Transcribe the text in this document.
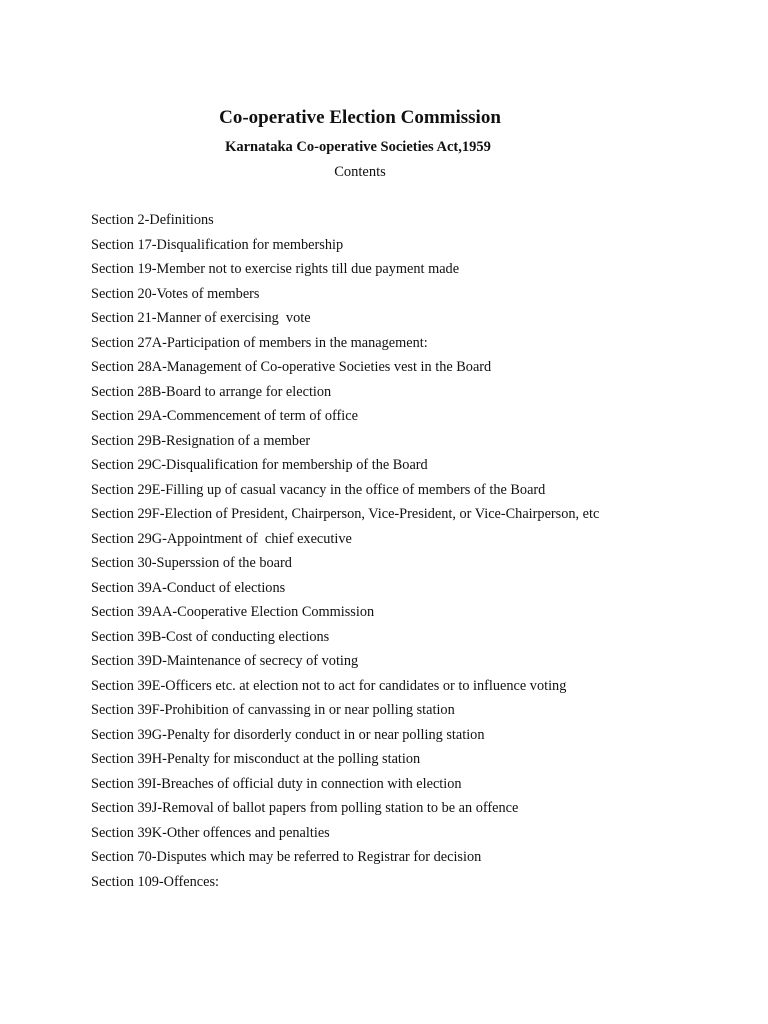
Co-operative Election Commission
Karnataka Co-operative Societies Act,1959
Contents
Section 2-Definitions
Section 17-Disqualification for membership
Section 19-Member not to exercise rights till due payment made
Section 20-Votes of members
Section 21-Manner of exercising  vote
Section 27A-Participation of members in the management:
Section 28A-Management of Co-operative Societies vest in the Board
Section 28B-Board to arrange for election
Section 29A-Commencement of term of office
Section 29B-Resignation of a member
Section 29C-Disqualification for membership of the Board
Section 29E-Filling up of casual vacancy in the office of members of the Board
Section 29F-Election of President, Chairperson, Vice-President, or Vice-Chairperson, etc
Section 29G-Appointment of  chief executive
Section 30-Superssion of the board
Section 39A-Conduct of elections
Section 39AA-Cooperative Election Commission
Section 39B-Cost of conducting elections
Section 39D-Maintenance of secrecy of voting
Section 39E-Officers etc. at election not to act for candidates or to influence voting
Section 39F-Prohibition of canvassing in or near polling station
Section 39G-Penalty for disorderly conduct in or near polling station
Section 39H-Penalty for misconduct at the polling station
Section 39I-Breaches of official duty in connection with election
Section 39J-Removal of ballot papers from polling station to be an offence
Section 39K-Other offences and penalties
Section 70-Disputes which may be referred to Registrar for decision
Section 109-Offences:
